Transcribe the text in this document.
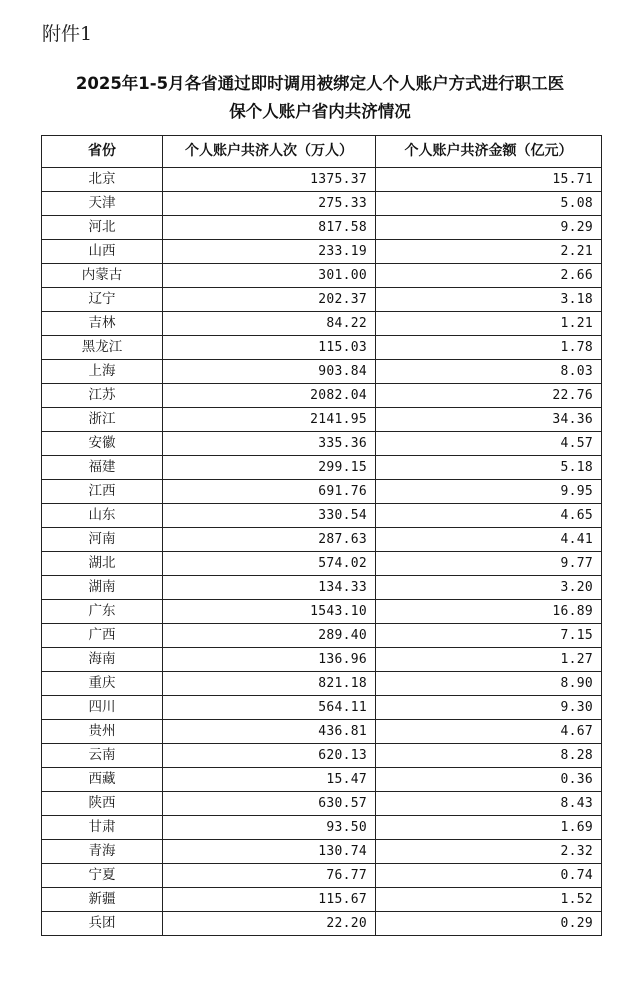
附件1
2025年1-5月各省通过即时调用被绑定人个人账户方式进行职工医
保个人账户省内共济情况
省份	个人账户共济人次（万人）	个人账户共济金额（亿元）
北京	1375.37	15.71
天津	275.33	5.08
河北	817.58	9.29
山西	233.19	2.21
内蒙古	301.00	2.66
辽宁	202.37	3.18
吉林	84.22	1.21
黑龙江	115.03	1.78
上海	903.84	8.03
江苏	2082.04	22.76
浙江	2141.95	34.36
安徽	335.36	4.57
福建	299.15	5.18
江西	691.76	9.95
山东	330.54	4.65
河南	287.63	4.41
湖北	574.02	9.77
湖南	134.33	3.20
广东	1543.10	16.89
广西	289.40	7.15
海南	136.96	1.27
重庆	821.18	8.90
四川	564.11	9.30
贵州	436.81	4.67
云南	620.13	8.28
西藏	15.47	0.36
陕西	630.57	8.43
甘肃	93.50	1.69
青海	130.74	2.32
宁夏	76.77	0.74
新疆	115.67	1.52
兵团	22.20	0.29
